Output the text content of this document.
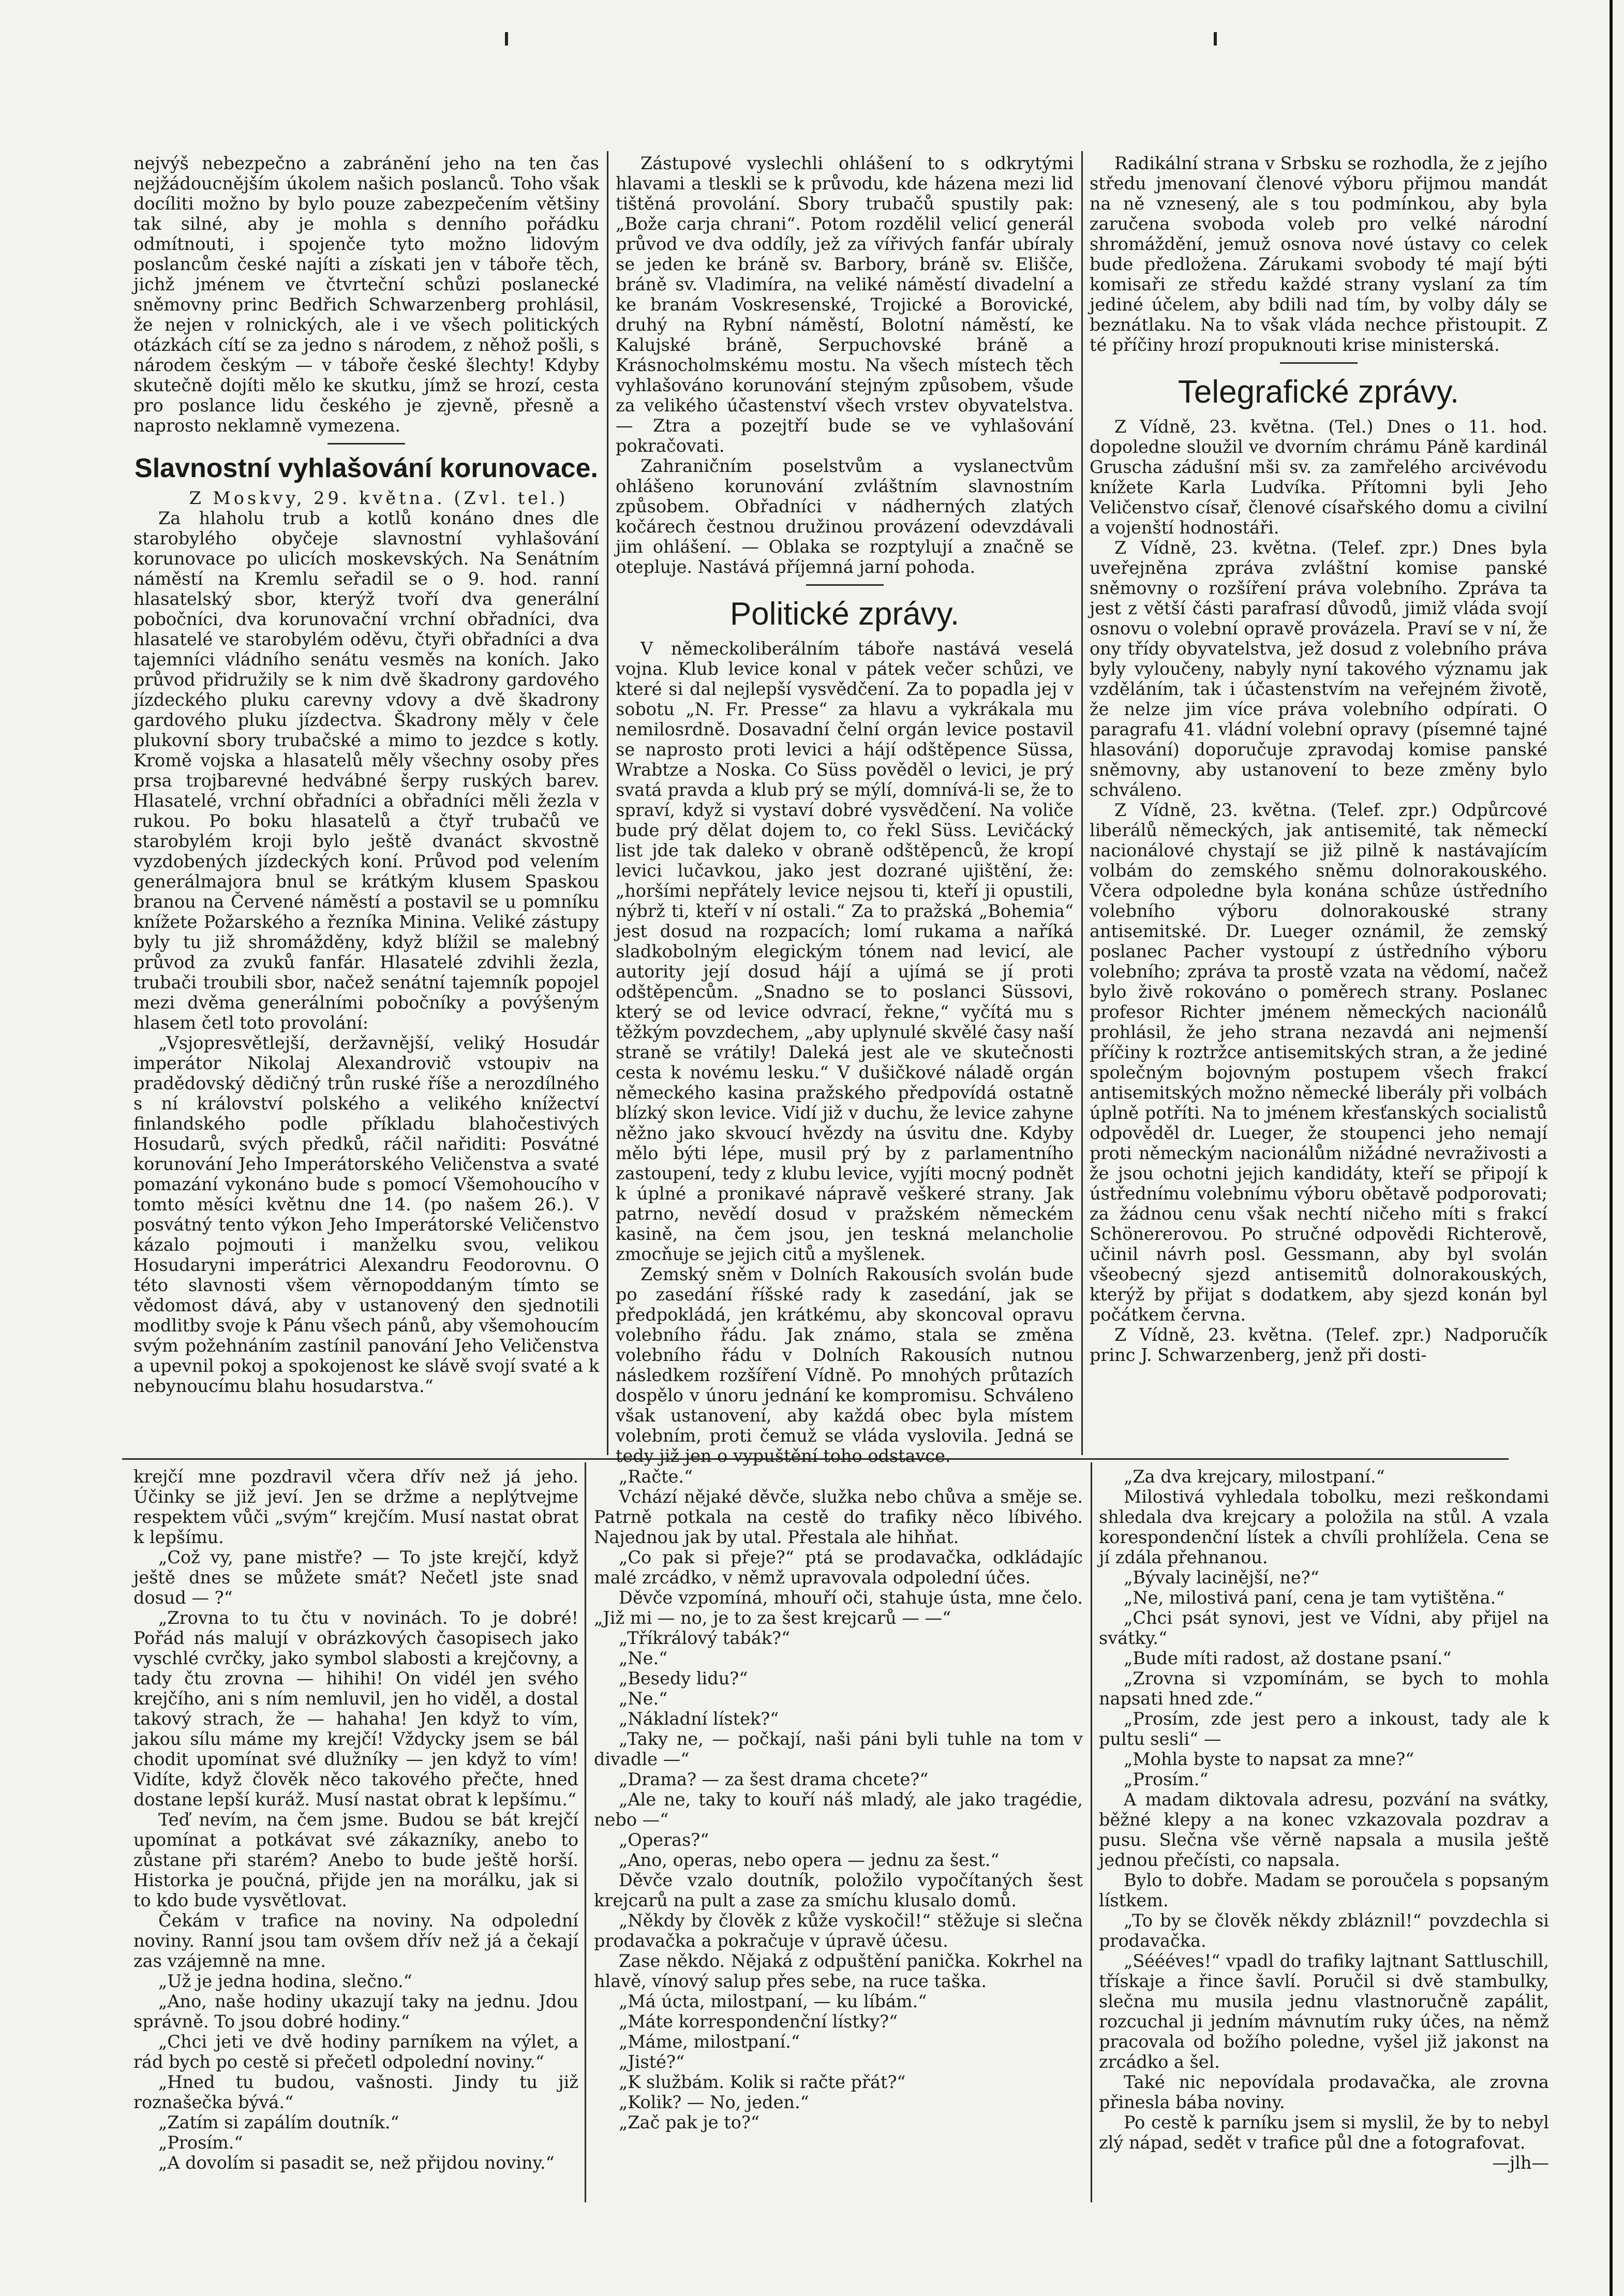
nejvýš nebezpečno a zabránění jeho na ten čas nejžádoucnějším úkolem našich poslanců. Toho však docíliti možno by bylo pouze zabezpečením většiny tak silné, aby je mohla s denního pořádku odmítnouti, i spojenče tyto možno lidovým poslancům české najíti a získati jen v táboře těch, jichž jménem ve čtvrteční schůzi poslanecké sněmovny princ Bedřich Schwarzenberg prohlásil, že nejen v rolnických, ale i ve všech politických otázkách cítí se za jedno s národem, z něhož pošli, s národem českým — v táboře české šlechty! Kdyby skutečně dojíti mělo ke skutku, jímž se hrozí, cesta pro poslance lidu českého je zjevně, přesně a naprosto neklamně vymezena.

Slavnostní vyhlašování korunovace.

Z Moskvy, 29. května. (Zvl. tel.)

Za hlaholu trub a kotlů konáno dnes dle starobylého obyčeje slavnostní vyhlašování korunovace po ulicích moskevských. Na Senátním náměstí na Kremlu seřadil se o 9. hod. ranní hlasatelský sbor, kterýž tvoří dva generální pobočníci, dva korunovační vrchní obřadníci, dva hlasatelé ve starobylém oděvu, čtyři obřadníci a dva tajemníci vládního senátu vesměs na koních. Jako průvod přidružily se k nim dvě škadrony gardového jízdeckého pluku carevny vdovy a dvě škadrony gardového pluku jízdectva. Škadrony měly v čele plukovní sbory trubačské a mimo to jezdce s kotly. Kromě vojska a hlasatelů měly všechny osoby přes prsa trojbarevné hedvábné šerpy ruských barev. Hlasatelé, vrchní obřadníci a obřadníci měli žezla v rukou. Po boku hlasatelů a čtyř trubačů ve starobylém kroji bylo ještě dvanáct skvostně vyzdobených jízdeckých koní. Průvod pod velením generálmajora bnul se krátkým klusem Spaskou branou na Červené náměstí a postavil se u pomníku knížete Požarského a řezníka Minina. Veliké zástupy byly tu již shromážděny, když blížil se malebný průvod za zvuků fanfár. Hlasatelé zdvihli žezla, trubači troubili sbor, načež senátní tajemník popojel mezi dvěma generálními pobočníky a povýšeným hlasem četl toto provolání:

„Vsjopresvětlejší, deržavnější, veliký Hosudár imperátor Nikolaj Alexandrovič vstoupiv na pradědovský dědičný trůn ruské říše a nerozdílného s ní království polského a velikého knížectví finlandského podle příkladu blahočestivých Hosudarů, svých předků, ráčil nařiditi: Posvátné korunování Jeho Imperátorského Veličenstva a svaté pomazání vykonáno bude s pomocí Všemohoucího v tomto měsíci květnu dne 14. (po našem 26.). V posvátný tento výkon Jeho Imperátorské Veličenstvo kázalo pojmouti i manželku svou, velikou Hosudaryni imperátrici Alexandru Feodorovnu. O této slavnosti všem věrnopoddaným tímto se vědomost dává, aby v ustanovený den sjednotili modlitby svoje k Pánu všech pánů, aby všemohoucím svým požehnáním zastínil panování Jeho Veličenstva a upevnil pokoj a spokojenost ke slávě svojí svaté a k nebynoucímu blahu hosudarstva.“

Zástupové vyslechli ohlášení to s odkrytými hlavami a tleskli se k průvodu, kde házena mezi lid tištěná provolání. Sbory trubačů spustily pak: „Bože carja chrani“. Potom rozdělil velicí generál průvod ve dva oddíly, jež za vířivých fanfár ubíraly se jeden ke bráně sv. Barbory, bráně sv. Elišče, bráně sv. Vladimíra, na veliké náměstí divadelní a ke branám Voskresenské, Trojické a Borovické, druhý na Rybní náměstí, Bolotní náměstí, ke Kalujské bráně, Serpuchovské bráně a Krásnocholmskému mostu. Na všech místech těch vyhlašováno korunování stejným způsobem, všude za velikého účastenství všech vrstev obyvatelstva. — Ztra a pozejtří bude se ve vyhlašování pokračovati.

Zahraničním poselstvům a vyslanectvům ohlášeno korunování zvláštním slavnostním způsobem. Obřadníci v nádherných zlatých kočárech čestnou družinou provázení odevzdávali jim ohlášení. — Oblaka se rozptylují a značně se otepluje. Nastává příjemná jarní pohoda.

Politické zprávy.

V německoliberálním táboře nastává veselá vojna. Klub levice konal v pátek večer schůzi, ve které si dal nejlepší vysvědčení. Za to popadla jej v sobotu „N. Fr. Presse“ za hlavu a vykrákala mu nemilosrdně. Dosavadní čelní orgán levice postavil se naprosto proti levici a hájí odštěpence Süssa, Wrabtze a Noska. Co Süss pověděl o levici, je prý svatá pravda a klub prý se mýlí, domnívá-li se, že to spraví, když si vystaví dobré vysvědčení. Na voliče bude prý dělat dojem to, co řekl Süss. Levičácký list jde tak daleko v obraně odštěpenců, že kropí levici lučavkou, jako jest dozrané ujištění, že: „horšími nepřátely levice nejsou ti, kteří ji opustili, nýbrž ti, kteří v ní ostali.“ Za to pražská „Bohemia“ jest dosud na rozpacích; lomí rukama a naříká sladkobolným elegickým tónem nad levicí, ale autority její dosud hájí a ujímá se jí proti odštěpencům. „Snadno se to poslanci Süssovi, který se od levice odvrací, řekne,“ vyčítá mu s těžkým povzdechem, „aby uplynulé skvělé časy naší straně se vrátily! Daleká jest ale ve skutečnosti cesta k novému lesku.“ V dušičkové náladě orgán německého kasina pražského předpovídá ostatně blízký skon levice. Vidí již v duchu, že levice zahyne něžno jako skvoucí hvězdy na úsvitu dne. Kdyby mělo býti lépe, musil prý by z parlamentního zastoupení, tedy z klubu levice, vyjíti mocný podnět k úplné a pronikavé nápravě veškeré strany. Jak patrno, nevědí dosud v pražském německém kasině, na čem jsou, jen teskná melancholie zmocňuje se jejich citů a myšlenek.

Zemský sněm v Dolních Rakousích svolán bude po zasedání říšské rady k zasedání, jak se předpokládá, jen krátkému, aby skoncoval opravu volebního řádu. Jak známo, stala se změna volebního řádu v Dolních Rakousích nutnou následkem rozšíření Vídně. Po mnohých průtazích dospělo v únoru jednání ke kompromisu. Schváleno však ustanovení, aby každá obec byla místem volebním, proti čemuž se vláda vyslovila. Jedná se tedy již jen o vypuštění toho odstavce.

Radikální strana v Srbsku se rozhodla, že z jejího středu jmenovaní členové výboru přijmou mandát na ně vznesený, ale s tou podmínkou, aby byla zaručena svoboda voleb pro velké národní shromáždění, jemuž osnova nové ústavy co celek bude předložena. Zárukami svobody té mají býti komisaři ze středu každé strany vyslaní za tím jediné účelem, aby bdili nad tím, by volby dály se beznátlaku. Na to však vláda nechce přistoupit. Z té příčiny hrozí propuknouti krise ministerská.

Telegrafické zprávy.

Z Vídně, 23. května. (Tel.) Dnes o 11. hod. dopoledne sloužil ve dvorním chrámu Páně kardinál Gruscha zádušní mši sv. za zamřelého arcivévodu knížete Karla Ludvíka. Přítomni byli Jeho Veličenstvo císař, členové císařského domu a civilní a vojenští hodnostáři.

Z Vídně, 23. května. (Telef. zpr.) Dnes byla uveřejněna zpráva zvláštní komise panské sněmovny o rozšíření práva volebního. Zpráva ta jest z větší části parafrasí důvodů, jimiž vláda svojí osnovu o volební opravě provázela. Praví se v ní, že ony třídy obyvatelstva, jež dosud z volebního práva byly vyloučeny, nabyly nyní takového významu jak vzděláním, tak i účastenstvím na veřejném životě, že nelze jim více práva volebního odpírati. O paragrafu 41. vládní volební opravy (písemné tajné hlasování) doporučuje zpravodaj komise panské sněmovny, aby ustanovení to beze změny bylo schváleno.

Z Vídně, 23. května. (Telef. zpr.) Odpůrcové liberálů německých, jak antisemité, tak německí nacionálové chystají se již pilně k nastávajícím volbám do zemského sněmu dolnorakouského. Včera odpoledne byla konána schůze ústředního volebního výboru dolnorakouské strany antisemitské. Dr. Lueger oznámil, že zemský poslanec Pacher vystoupí z ústředního výboru volebního; zpráva ta prostě vzata na vědomí, načež bylo živě rokováno o poměrech strany. Poslanec profesor Richter jménem německých nacionálů prohlásil, že jeho strana nezavdá ani nejmenší příčiny k roztržce antisemitských stran, a že jediné společným bojovným postupem všech frakcí antisemitských možno německé liberály při volbách úplně potříti. Na to jménem křesťanských socialistů odpověděl dr. Lueger, že stoupenci jeho nemají proti německým nacionálům nižádné nevraživosti a že jsou ochotni jejich kandidáty, kteří se připojí k ústřednímu volebnímu výboru obětavě podporovati; za žádnou cenu však nechtí ničeho míti s frakcí Schönererovou. Po stručné odpovědi Richterově, učinil návrh posl. Gessmann, aby byl svolán všeobecný sjezd antisemitů dolnorakouských, kterýž by přijat s dodatkem, aby sjezd konán byl počátkem června.

Z Vídně, 23. května. (Telef. zpr.) Nadporučík princ J. Schwarzenberg, jenž při dosti-

krejčí mne pozdravil včera dřív než já jeho. Účinky se již jeví. Jen se držme a neplýtvejme respektem vůči „svým“ krejčím. Musí nastat obrat k lepšímu.

„Což vy, pane mistře? — To jste krejčí, když ještě dnes se můžete smát? Nečetl jste snad dosud — ?“

„Zrovna to tu čtu v novinách. To je dobré! Pořád nás malují v obrázkových časopisech jako vyschlé cvrčky, jako symbol slabosti a krejčovny, a tady čtu zrovna — hihihi! On vidél jen svého krejčího, ani s ním nemluvil, jen ho viděl, a dostal takový strach, že — hahaha! Jen když to vím, jakou sílu máme my krejčí! Vždycky jsem se bál chodit upomínat své dlužníky — jen když to vím! Vidíte, když člověk něco takového přečte, hned dostane lepší kuráž. Musí nastat obrat k lepšímu.“

Teď nevím, na čem jsme. Budou se bát krejčí upomínat a potkávat své zákazníky, anebo to zůstane při starém? Anebo to bude ještě horší. Historka je poučná, přijde jen na morálku, jak si to kdo bude vysvětlovat.

Čekám v trafice na noviny. Na odpolední noviny. Ranní jsou tam ovšem dřív než já a čekají zas vzájemně na mne.

„Už je jedna hodina, slečno.“

„Ano, naše hodiny ukazují taky na jednu. Jdou správně. To jsou dobré hodiny.“

„Chci jeti ve dvě hodiny parníkem na výlet, a rád bych po cestě si přečetl odpolední noviny.“

„Hned tu budou, vašnosti. Jindy tu již roznašečka bývá.“

„Zatím si zapálím doutník.“

„Prosím.“

„A dovolím si pasadit se, než přijdou noviny.“

„Račte.“

Vchází nějaké děvče, služka nebo chůva a směje se. Patrně potkala na cestě do trafiky něco líbivého. Najednou jak by utal. Přestala ale hihňat.

„Co pak si přeje?“ ptá se prodavačka, odkládajíc malé zrcádko, v němž upravovala odpolední účes.

Děvče vzpomíná, mhouří oči, stahuje ústa, mne čelo. „Již mi — no, je to za šest krejcarů — —“

„Tříkrálový tabák?“

„Ne.“

„Besedy lidu?“

„Ne.“

„Nákladní lístek?“

„Taky ne, — počkají, naši páni byli tuhle na tom v divadle —“

„Drama? — za šest drama chcete?“

„Ale ne, taky to kouří náš mladý, ale jako tragédie, nebo —“

„Operas?“

„Ano, operas, nebo opera — jednu za šest.“

Děvče vzalo doutník, položilo vypočítaných šest krejcarů na pult a zase za smíchu klusalo domů.

„Někdy by člověk z kůže vyskočil!“ stěžuje si slečna prodavačka a pokračuje v úpravě účesu.

Zase někdo. Nějaká z odpuštění panička. Kokrhel na hlavě, vínový salup přes sebe, na ruce taška.

„Má úcta, milostpaní, — ku líbám.“

„Máte korrespondenční lístky?“

„Máme, milostpaní.“

„Jisté?“

„K službám. Kolik si račte přát?“

„Kolik? — No, jeden.“

„Zač pak je to?“

„Za dva krejcary, milostpaní.“

Milostivá vyhledala tobolku, mezi reškondami shledala dva krejcary a položila na stůl. A vzala korespondenční lístek a chvíli prohlížela. Cena se jí zdála přehnanou.

„Bývaly lacinější, ne?“

„Ne, milostivá paní, cena je tam vytištěna.“

„Chci psát synovi, jest ve Vídni, aby přijel na svátky.“

„Bude míti radost, až dostane psaní.“

„Zrovna si vzpomínám, se bych to mohla napsati hned zde.“

„Prosím, zde jest pero a inkoust, tady ale k pultu sesli“ —

„Mohla byste to napsat za mne?“

„Prosím.“

A madam diktovala adresu, pozvání na svátky, běžné klepy a na konec vzkazovala pozdrav a pusu. Slečna vše věrně napsala a musila ještě jednou přečísti, co napsala.

Bylo to dobře. Madam se poroučela s popsaným lístkem.

„To by se člověk někdy zbláznil!“ povzdechla si prodavačka.

„Séééves!“ vpadl do trafiky lajtnant Sattluschill, třískaje a řince šavlí. Poručil si dvě stambulky, slečna mu musila jednu vlastnoručně zapálit, rozcuchal ji jedním mávnutím ruky účes, na němž pracovala od božího poledne, vyšel již jakonst na zrcádko a šel.

Také nic nepovídala prodavačka, ale zrovna přinesla bába noviny.

Po cestě k parníku jsem si myslil, že by to nebyl zlý nápad, sedět v trafice půl dne a fotografovat.

—jlh—
